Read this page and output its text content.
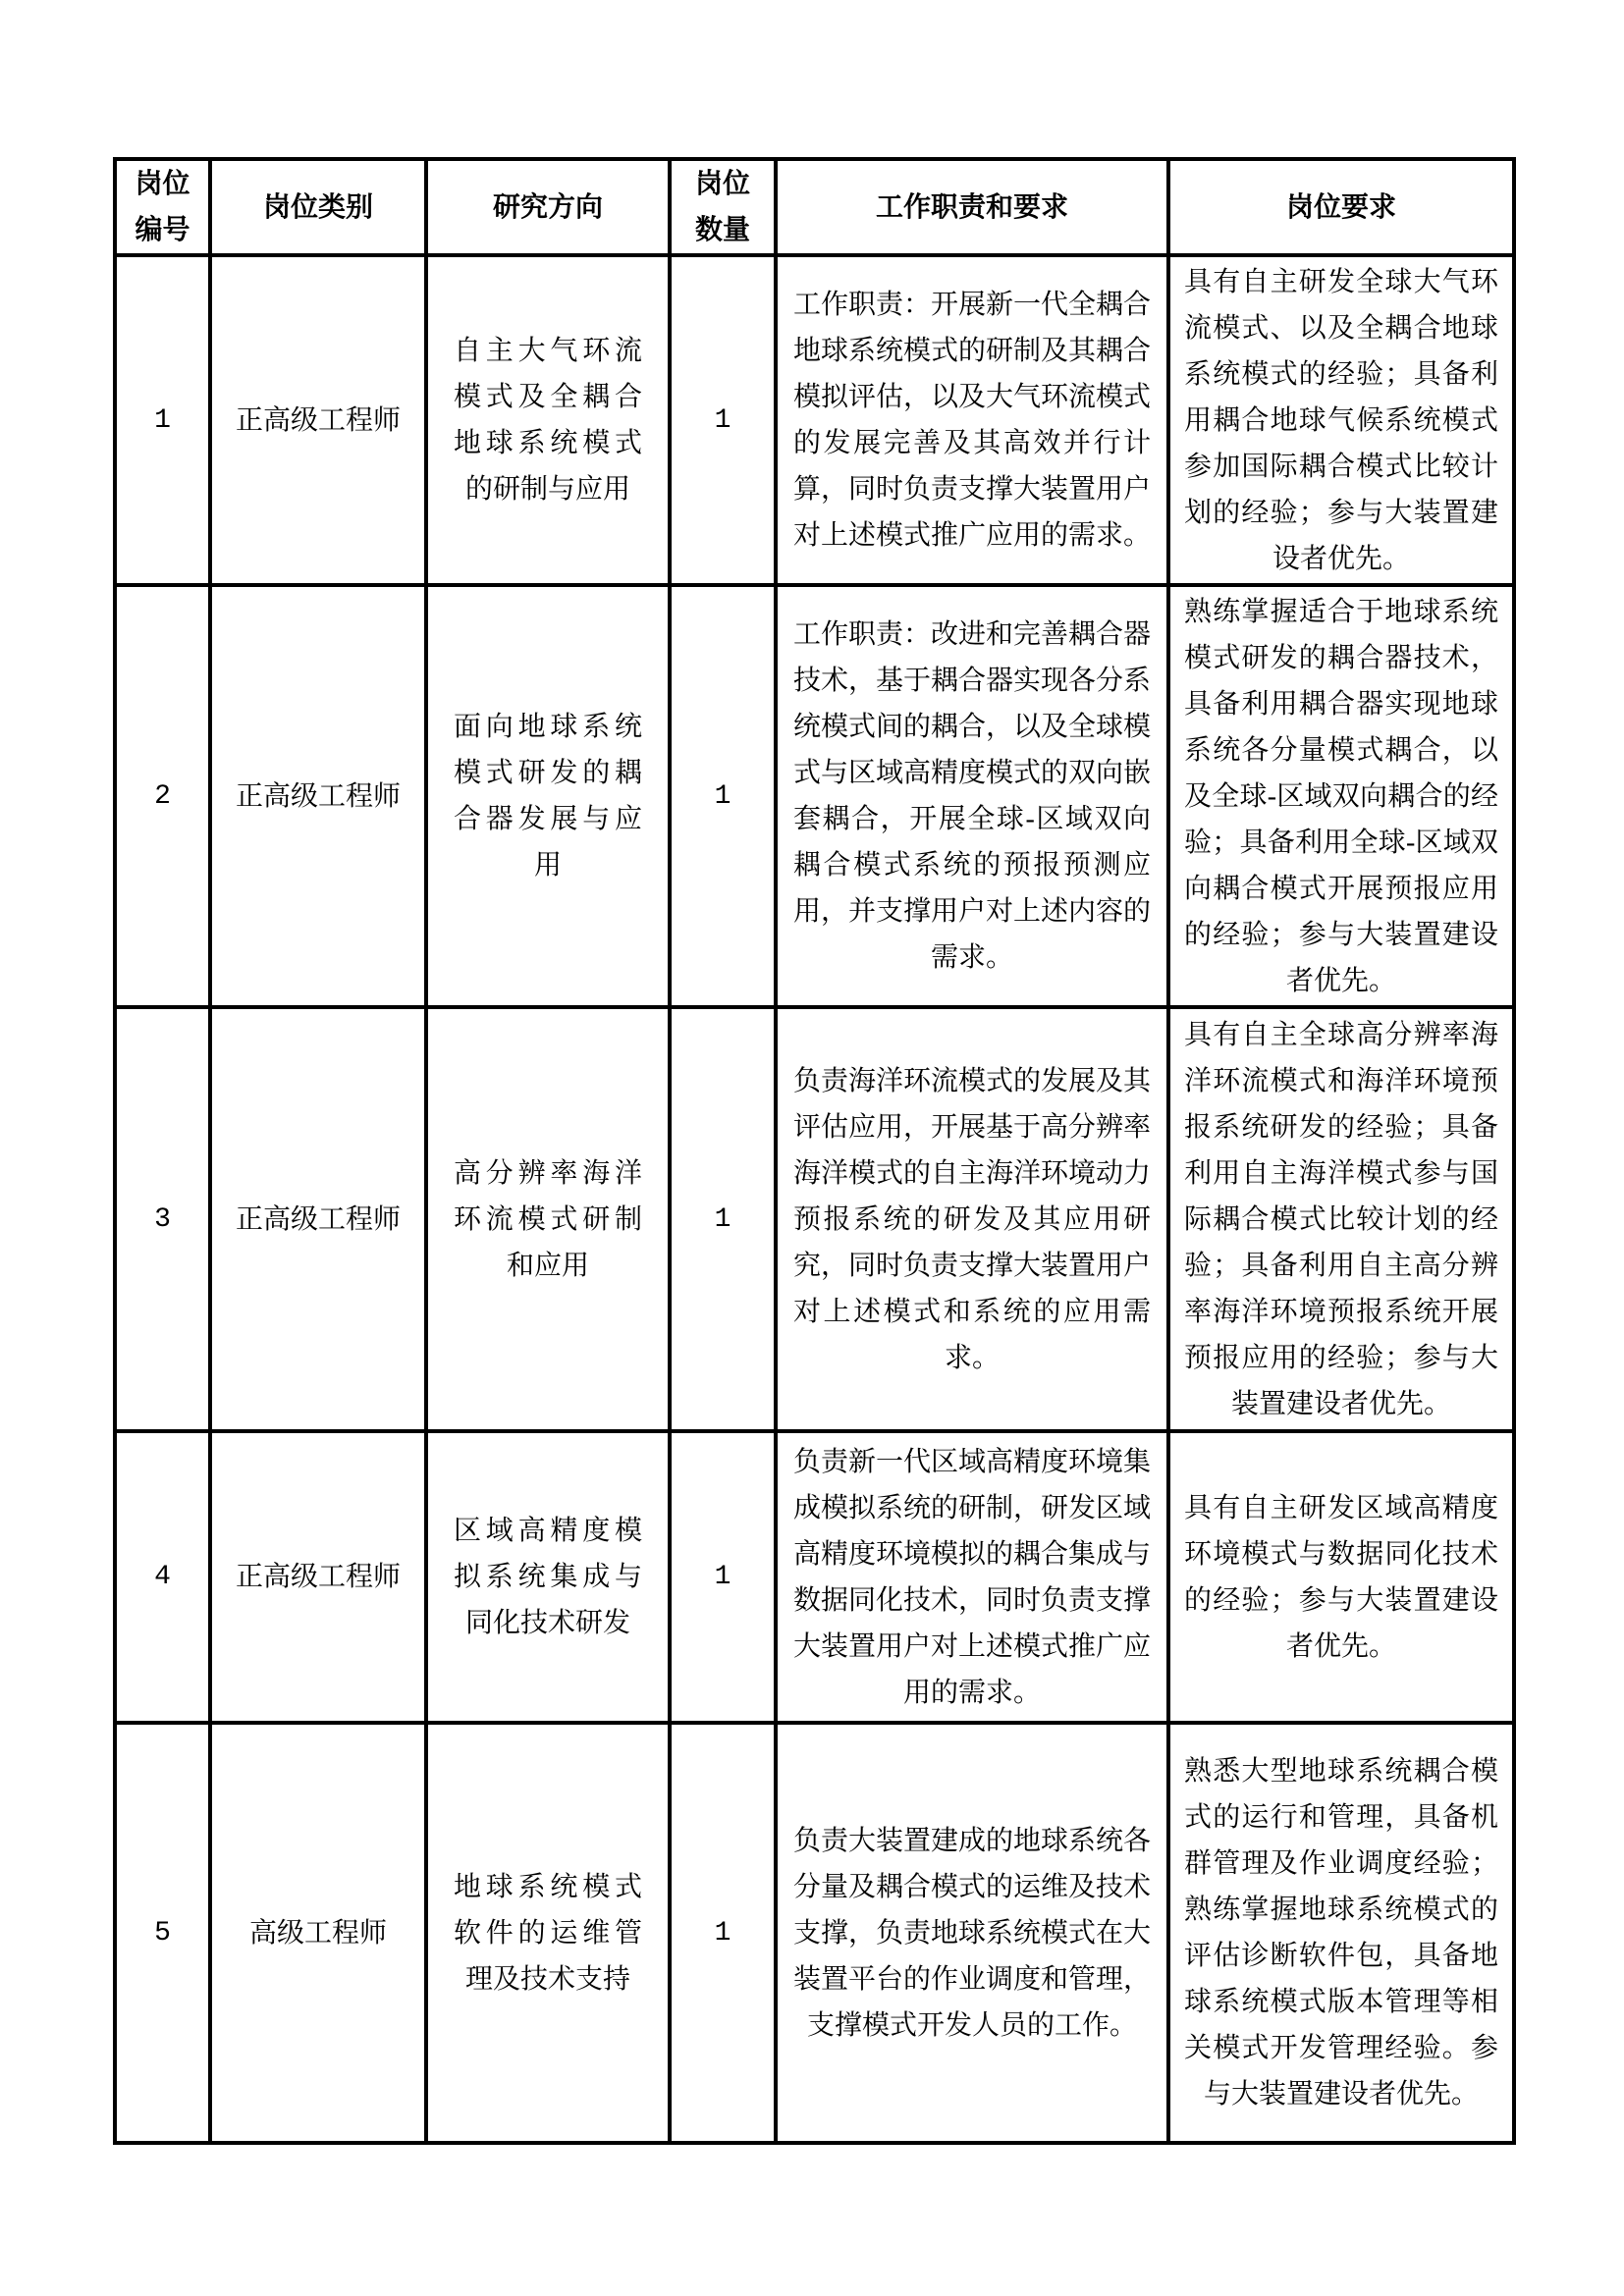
岗位编号	岗位类别	研究方向	岗位数量	工作职责和要求	岗位要求
1	正高级工程师	自主大气环流模式及全耦合地球系统模式的研制与应用	1	工作职责：开展新一代全耦合地球系统模式的研制及其耦合模拟评估，以及大气环流模式的发展完善及其高效并行计算，同时负责支撑大装置用户对上述模式推广应用的需求。	具有自主研发全球大气环流模式、以及全耦合地球系统模式的经验；具备利用耦合地球气候系统模式参加国际耦合模式比较计划的经验；参与大装置建设者优先。
2	正高级工程师	面向地球系统模式研发的耦合器发展与应用	1	工作职责：改进和完善耦合器技术，基于耦合器实现各分系统模式间的耦合，以及全球模式与区域高精度模式的双向嵌套耦合，开展全球-区域双向耦合模式系统的预报预测应用，并支撑用户对上述内容的需求。	熟练掌握适合于地球系统模式研发的耦合器技术，具备利用耦合器实现地球系统各分量模式耦合，以及全球-区域双向耦合的经验；具备利用全球-区域双向耦合模式开展预报应用的经验；参与大装置建设者优先。
3	正高级工程师	高分辨率海洋环流模式研制和应用	1	负责海洋环流模式的发展及其评估应用，开展基于高分辨率海洋模式的自主海洋环境动力预报系统的研发及其应用研究，同时负责支撑大装置用户对上述模式和系统的应用需求。	具有自主全球高分辨率海洋环流模式和海洋环境预报系统研发的经验；具备利用自主海洋模式参与国际耦合模式比较计划的经验；具备利用自主高分辨率海洋环境预报系统开展预报应用的经验；参与大装置建设者优先。
4	正高级工程师	区域高精度模拟系统集成与同化技术研发	1	负责新一代区域高精度环境集成模拟系统的研制，研发区域高精度环境模拟的耦合集成与数据同化技术，同时负责支撑大装置用户对上述模式推广应用的需求。	具有自主研发区域高精度环境模式与数据同化技术的经验；参与大装置建设者优先。
5	高级工程师	地球系统模式软件的运维管理及技术支持	1	负责大装置建成的地球系统各分量及耦合模式的运维及技术支撑，负责地球系统模式在大装置平台的作业调度和管理，支撑模式开发人员的工作。	熟悉大型地球系统耦合模式的运行和管理，具备机群管理及作业调度经验；熟练掌握地球系统模式的评估诊断软件包，具备地球系统模式版本管理等相关模式开发管理经验。参与大装置建设者优先。
